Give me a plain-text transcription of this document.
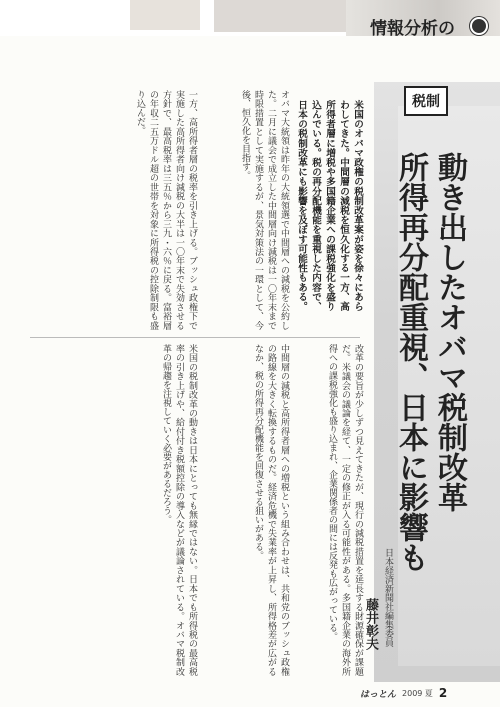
情報分析の
税制
動き出したオバマ税制改革
所得再分配重視、日本に影響も
日本経済新聞社編集委員
藤井彰夫
米国のオバマ政権の税制改革案が姿を徐々にあらわしてきた。中間層の減税を恒久化する一方、高所得者層に増税や多国籍企業への課税強化を盛り込んでいる。税の再分配機能を重視した内容で、日本の税制改革にも影響を及ぼす可能性もある。
オバマ大統領は昨年の大統領選で中間層への減税を公約した。二月に議会で成立した中間層向け減税は一〇年末まで時限措置として実施するが、景気対策法の一環として、今後、恒久化を目指す。
一方、高所得者層の税率を引き上げる。ブッシュ政権下で実施した高所得者向け減税の大半は一〇年末で失効させる方針で、最高税率は三五％から三九・六％に戻る。富裕層の年収二五万ドル超の世帯を対象に所得税の控除制限も盛り込んだ。
改革の要旨が少しずつ見えてきたが、現行の減税措置を延長する財源確保が課題だ。米議会の議論を経て、一定の修正が入る可能性がある。多国籍企業の海外所得への課税強化も盛り込まれ、企業関係者の間には反発も広がっている。
中間層の減税と高所得者層への増税という組み合わせは、共和党のブッシュ政権の路線を大きく転換するものだ。経済危機で失業率が上昇し、所得格差が広がるなか、税の所得再分配機能を回復させる狙いがある。
米国の税制改革の動きは日本にとっても無縁ではない。日本でも所得税の最高税率の引き上げや、給付付き税額控除の導入などが議論されている。オバマ税制改革の帰趨を注視していく必要があるだろう。
はっとん 2009 夏 2
